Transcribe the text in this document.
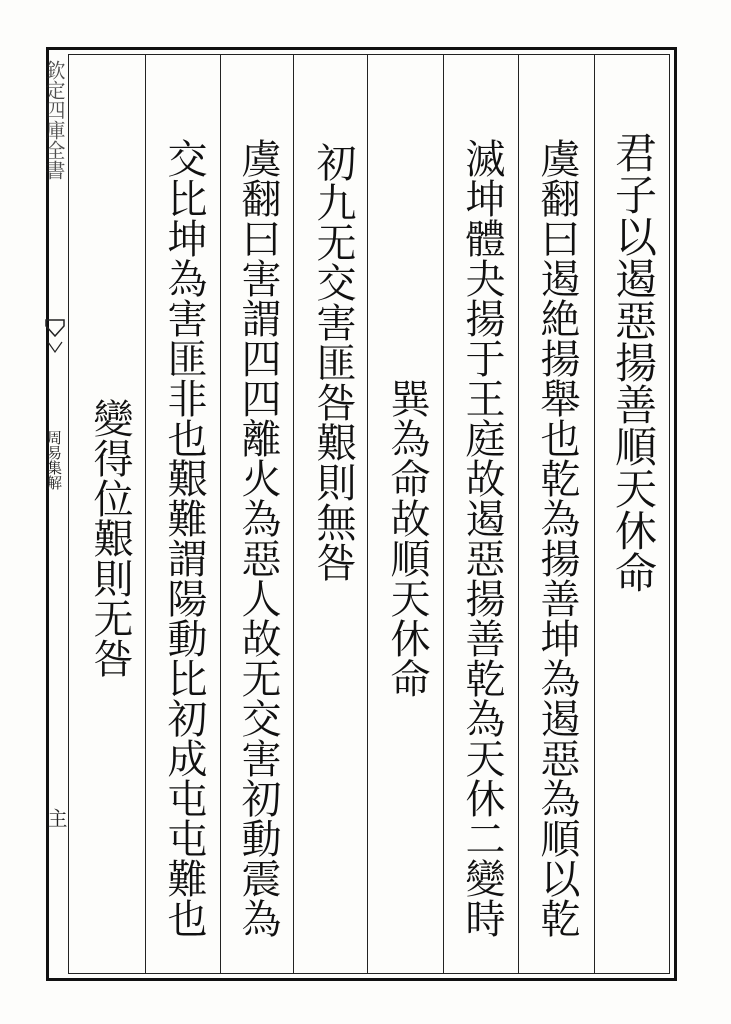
欽定四庫全書
周易集解
主
君子以遏惡揚善順天休命
虞翻曰遏絶揚舉也乾為揚善坤為遏惡為順以乾
滅坤體夬揚于王庭故遏惡揚善乾為天休二變時
巽為命故順天休命
初九无交害匪咎艱則無咎
虞翻曰害謂四四離火為惡人故无交害初動震為
交比坤為害匪非也艱難謂陽動比初成屯屯難也
變得位艱則无咎
